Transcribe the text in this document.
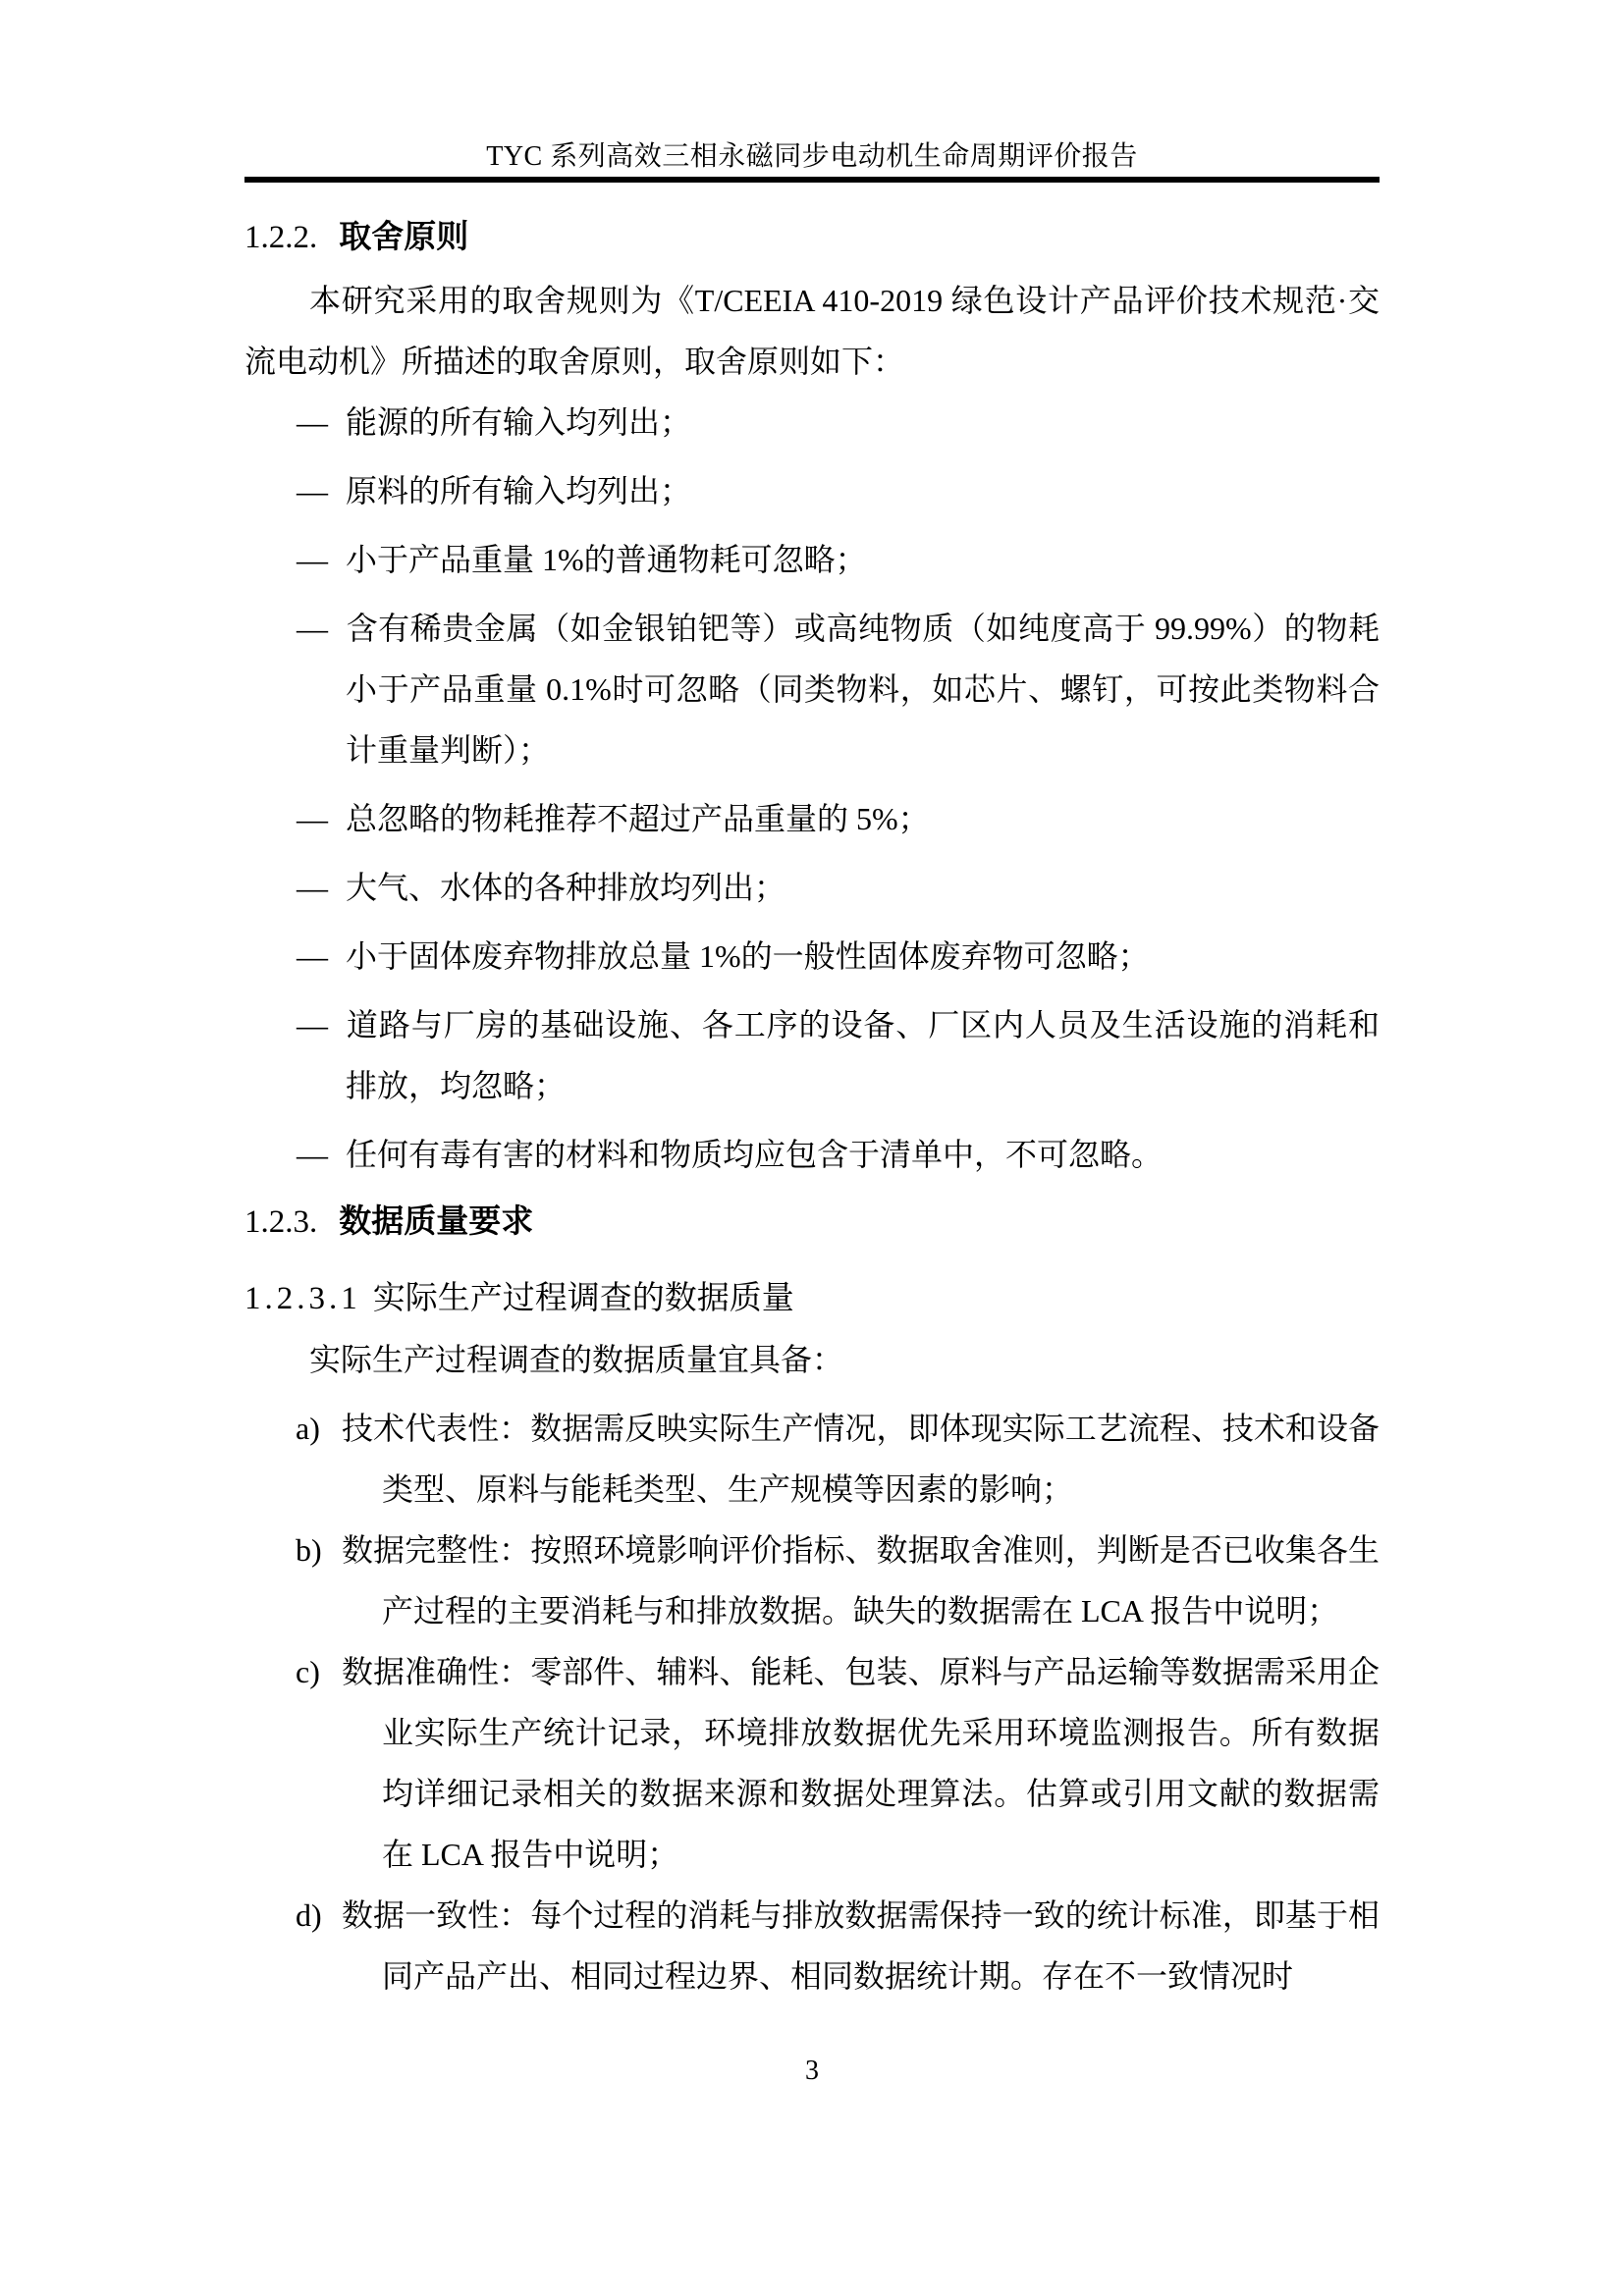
TYC 系列高效三相永磁同步电动机生命周期评价报告
1.2.2. 取舍原则

本研究采用的取舍规则为《T/CEEIA 410-2019 绿色设计产品评价技术规范·交流电动机》所描述的取舍原则，取舍原则如下：

— 能源的所有输入均列出；
— 原料的所有输入均列出；
— 小于产品重量 1%的普通物耗可忽略；
— 含有稀贵金属（如金银铂钯等）或高纯物质（如纯度高于 99.99%）的物耗小于产品重量 0.1%时可忽略（同类物料，如芯片、螺钉，可按此类物料合计重量判断）；
— 总忽略的物耗推荐不超过产品重量的 5%；
— 大气、水体的各种排放均列出；
— 小于固体废弃物排放总量 1%的一般性固体废弃物可忽略；
— 道路与厂房的基础设施、各工序的设备、厂区内人员及生活设施的消耗和排放，均忽略；
— 任何有毒有害的材料和物质均应包含于清单中，不可忽略。
1.2.3. 数据质量要求
1.2.3.1 实际生产过程调查的数据质量

实际生产过程调查的数据质量宜具备：

a) 技术代表性：数据需反映实际生产情况，即体现实际工艺流程、技术和设备类型、原料与能耗类型、生产规模等因素的影响；
b) 数据完整性：按照环境影响评价指标、数据取舍准则，判断是否已收集各生产过程的主要消耗与和排放数据。缺失的数据需在 LCA 报告中说明；
c) 数据准确性：零部件、辅料、能耗、包装、原料与产品运输等数据需采用企业实际生产统计记录，环境排放数据优先采用环境监测报告。所有数据均详细记录相关的数据来源和数据处理算法。估算或引用文献的数据需在 LCA 报告中说明；
d) 数据一致性：每个过程的消耗与排放数据需保持一致的统计标准，即基于相同产品产出、相同过程边界、相同数据统计期。存在不一致情况时
3
